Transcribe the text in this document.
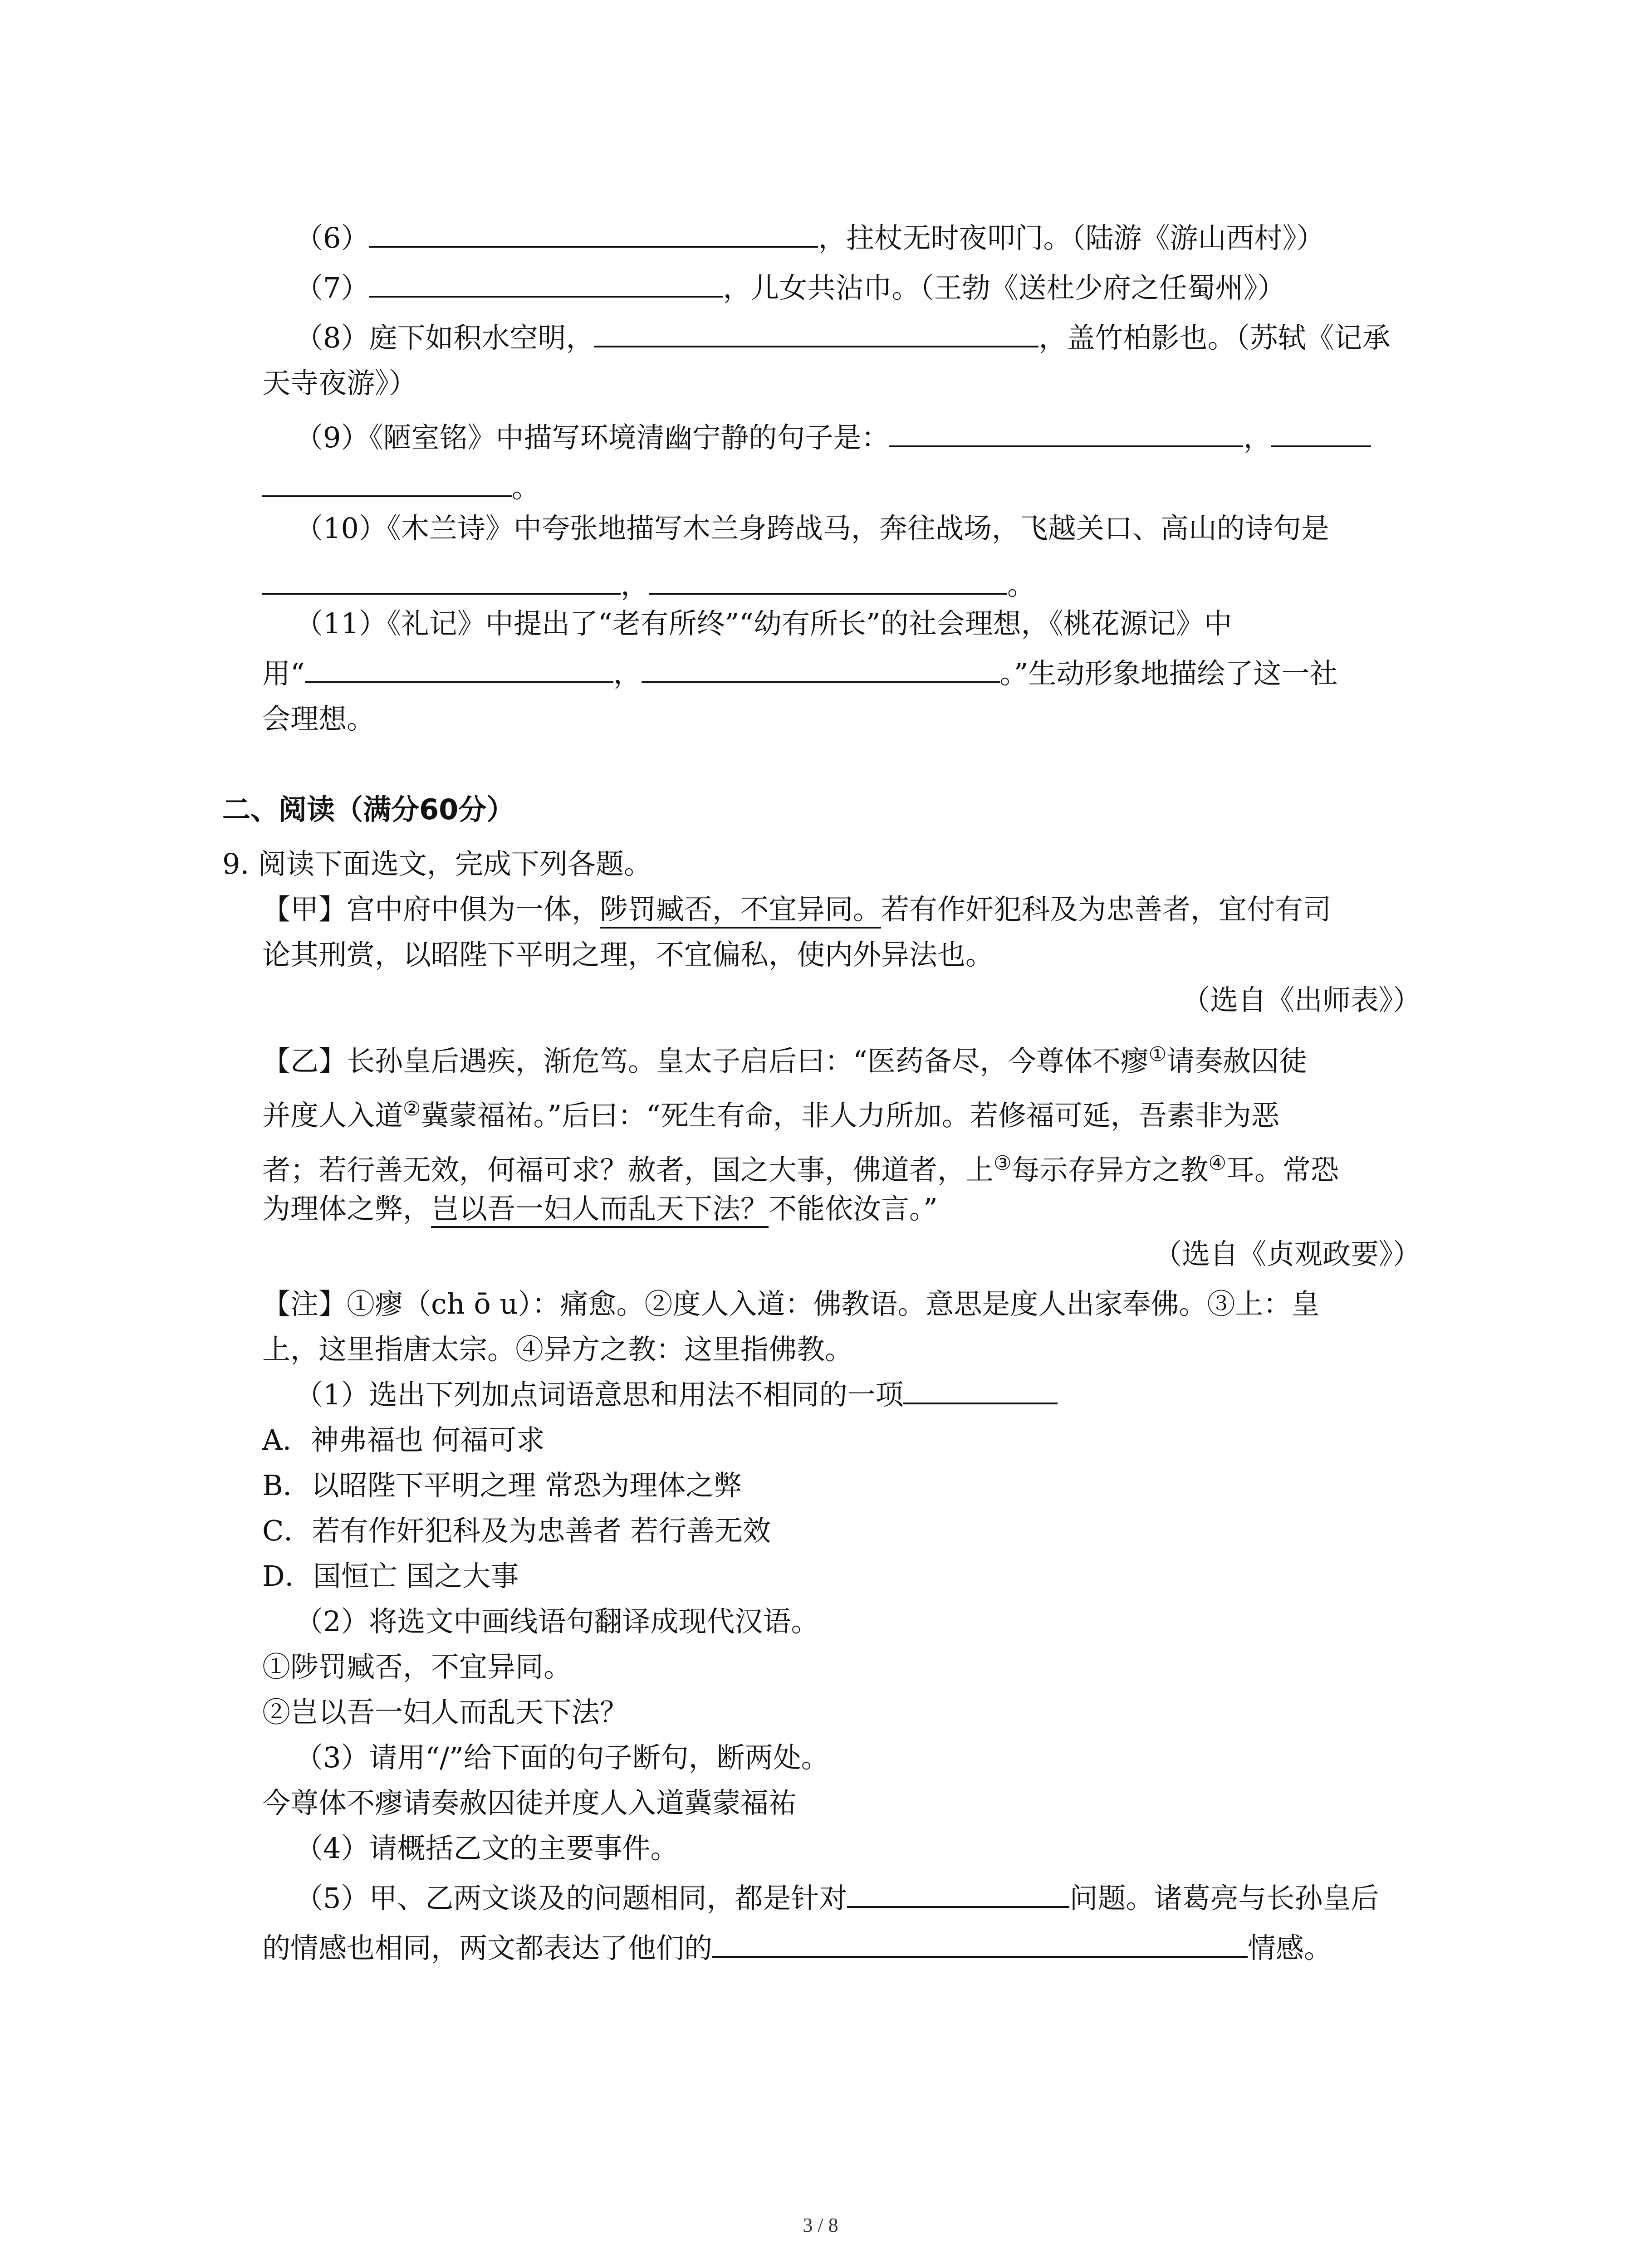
（6）	，拄杖无时夜叩门。（陆游《游山西村》）
（7）	，儿女共沾巾。（王勃《送杜少府之任蜀州》）
（8）庭下如积水空明，	，盖竹柏影也。（苏轼《记承
天寺夜游》）
（9）《陋室铭》中描写环境清幽宁静的句子是：	，
。
（10）《木兰诗》中夸张地描写木兰身跨战马，奔往战场，飞越关口、高山的诗句是
，	。
（11）《礼记》中提出了“老有所终”“幼有所长”的社会理想，《桃花源记》中
用“	，	。”生动形象地描绘了这一社
会理想。
二、阅读（满分60分）
9. 阅读下面选文，完成下列各题。
【甲】宫中府中俱为一体，陟罚臧否，不宜异同。若有作奸犯科及为忠善者，宜付有司
论其刑赏，以昭陛下平明之理，不宜偏私，使内外异法也。
（选自《出师表》）
【乙】长孙皇后遇疾，渐危笃。皇太子启后曰：“医药备尽，今尊体不瘳①请奏赦囚徒
并度人入道②冀蒙福祐。”后曰：“死生有命，非人力所加。若修福可延，吾素非为恶
者；若行善无效，何福可求？赦者，国之大事，佛道者，上③每示存异方之教④耳。常恐
为理体之弊，岂以吾一妇人而乱天下法？不能依汝言。”
（选自《贞观政要》）
【注】①瘳（ch ō u）：痛愈。②度人入道：佛教语。意思是度人出家奉佛。③上：皇
上，这里指唐太宗。④异方之教：这里指佛教。
（1）选出下列加点词语意思和用法不相同的一项
A．神弗福也 何福可求
B．以昭陛下平明之理 常恐为理体之弊
C．若有作奸犯科及为忠善者 若行善无效
D．国恒亡 国之大事
（2）将选文中画线语句翻译成现代汉语。
①陟罚臧否，不宜异同。
②岂以吾一妇人而乱天下法？
（3）请用“/”给下面的句子断句，断两处。
今尊体不瘳请奏赦囚徒并度人入道冀蒙福祐
（4）请概括乙文的主要事件。
（5）甲、乙两文谈及的问题相同，都是针对	问题。诸葛亮与长孙皇后
的情感也相同，两文都表达了他们的	情感。
3 / 8
